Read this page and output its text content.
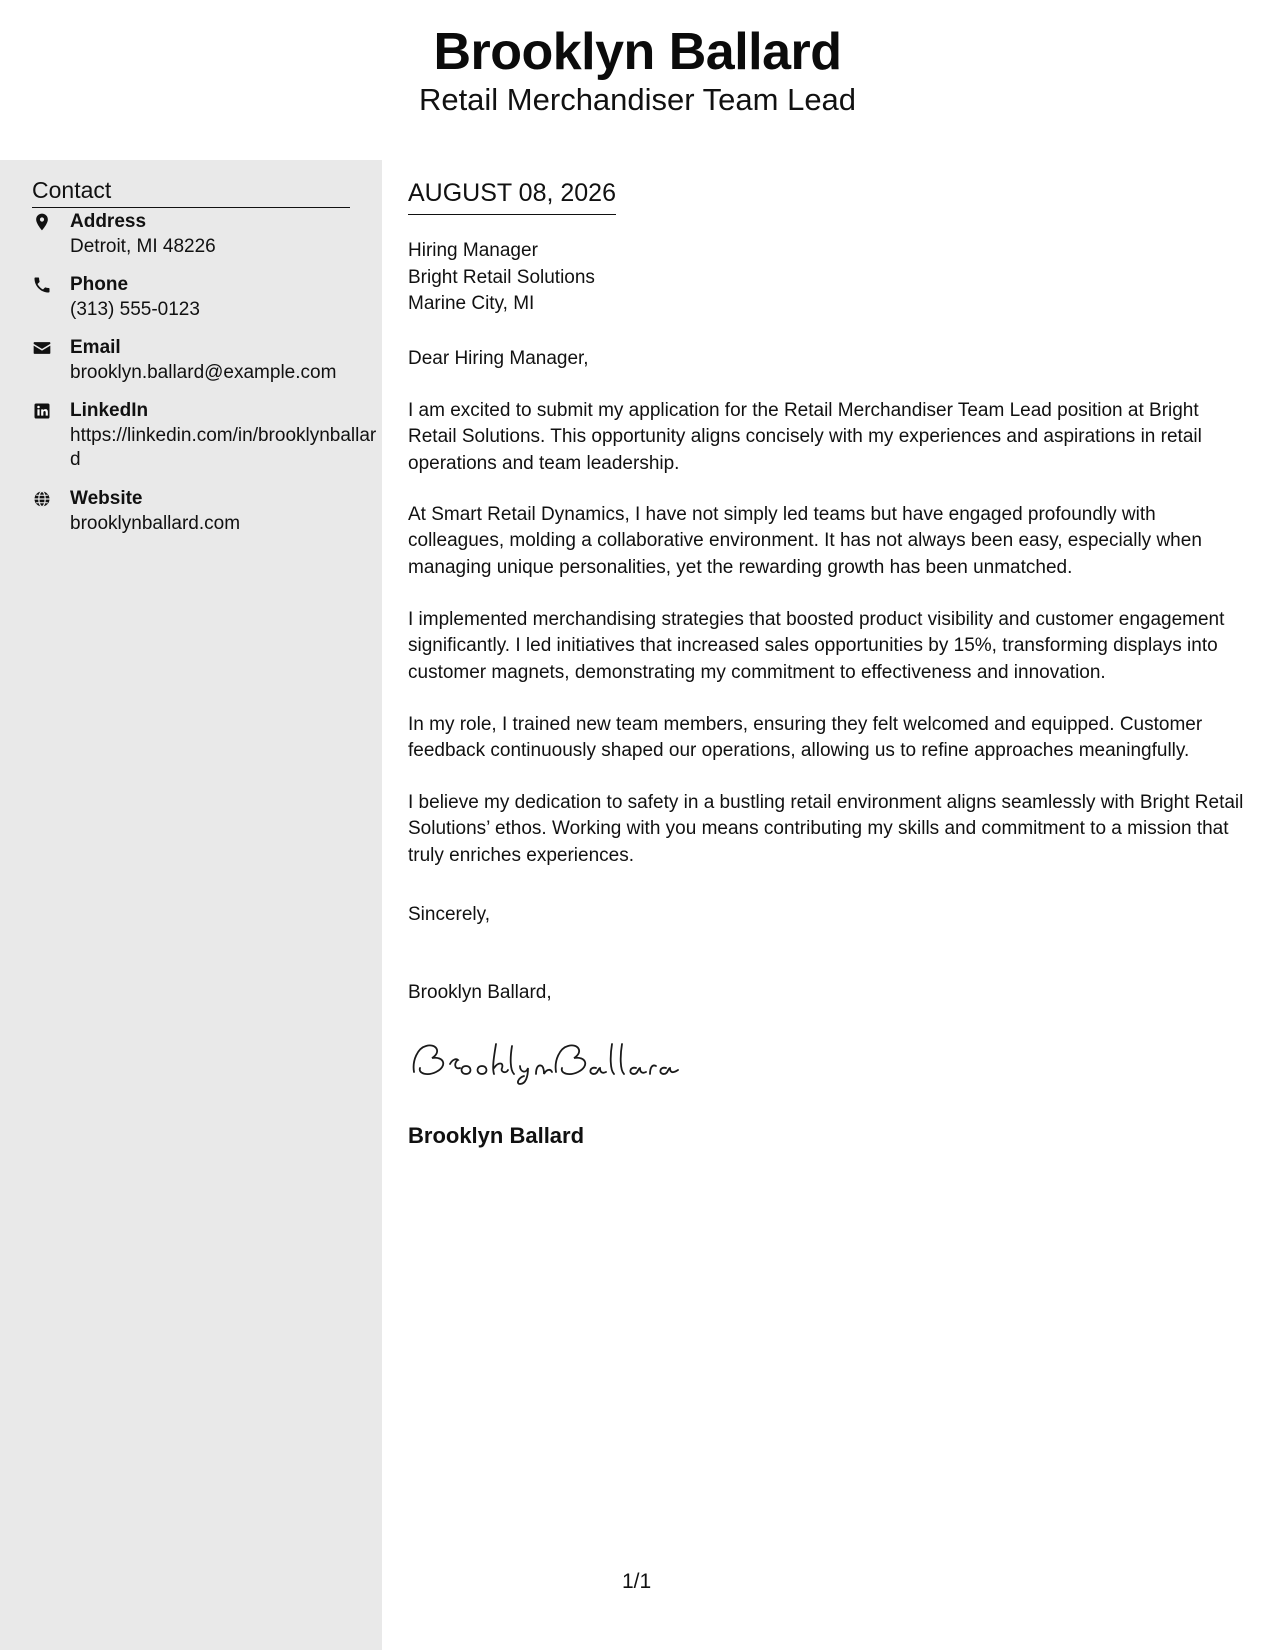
Brooklyn Ballard
Retail Merchandiser Team Lead
Contact
Address
Detroit, MI 48226
Phone
(313) 555-0123
Email
brooklyn.ballard@example.com
LinkedIn
https://linkedin.com/in/brooklynballard
Website
brooklynballard.com
AUGUST 08, 2026
Hiring Manager
Bright Retail Solutions
Marine City, MI
Dear Hiring Manager,
I am excited to submit my application for the Retail Merchandiser Team Lead position at Bright Retail Solutions. This opportunity aligns concisely with my experiences and aspirations in retail operations and team leadership.
At Smart Retail Dynamics, I have not simply led teams but have engaged profoundly with colleagues, molding a collaborative environment. It has not always been easy, especially when managing unique personalities, yet the rewarding growth has been unmatched.
I implemented merchandising strategies that boosted product visibility and customer engagement significantly. I led initiatives that increased sales opportunities by 15%, transforming displays into customer magnets, demonstrating my commitment to effectiveness and innovation.
In my role, I trained new team members, ensuring they felt welcomed and equipped. Customer feedback continuously shaped our operations, allowing us to refine approaches meaningfully.
I believe my dedication to safety in a bustling retail environment aligns seamlessly with Bright Retail Solutions’ ethos. Working with you means contributing my skills and commitment to a mission that truly enriches experiences.
Sincerely,
Brooklyn Ballard,
Brooklyn Ballard
1/1
